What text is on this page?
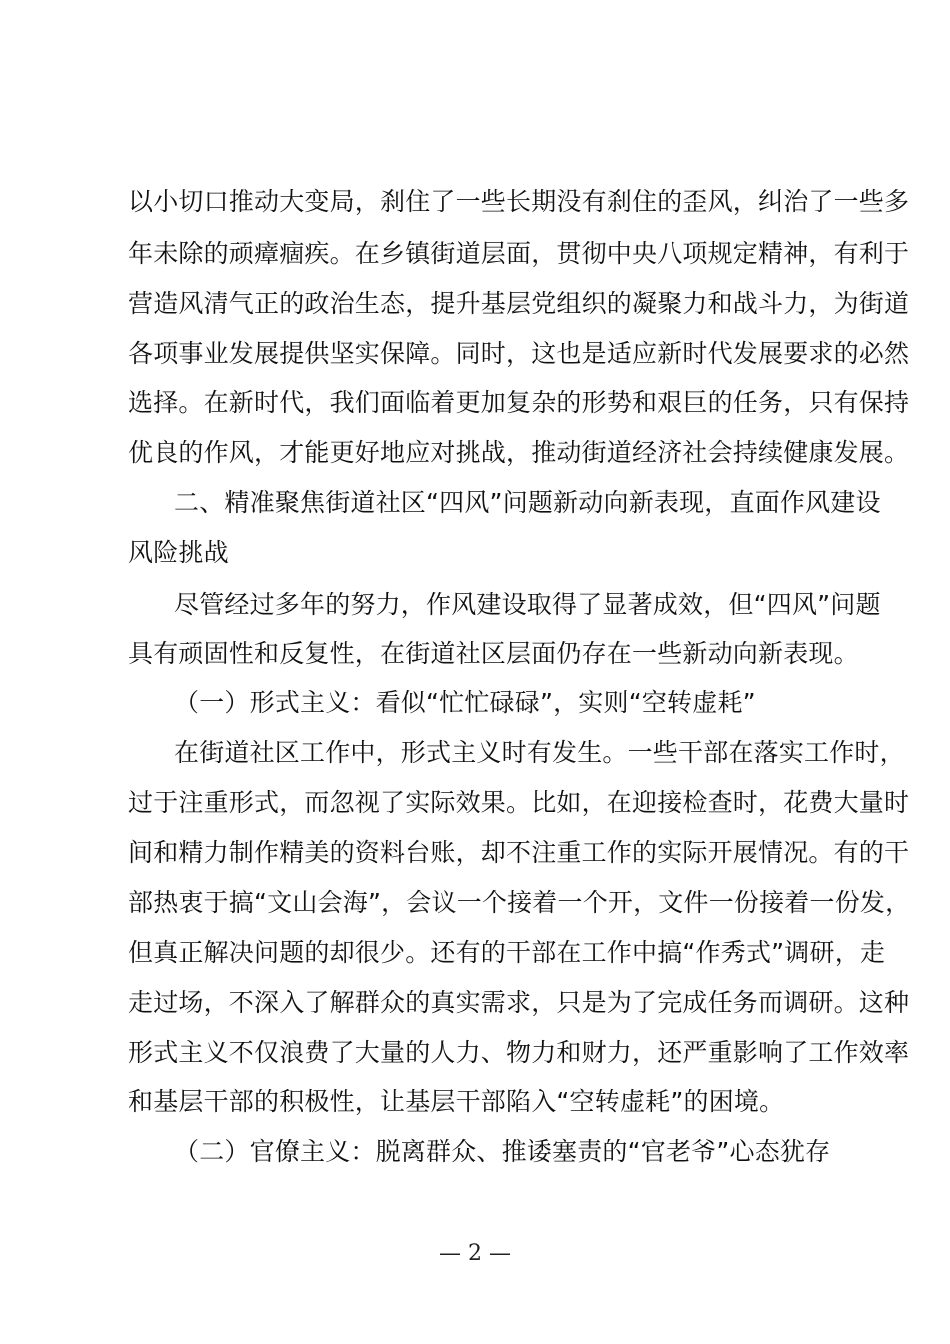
以小切口推动大变局，刹住了一些长期没有刹住的歪风，纠治了一些多
年未除的顽瘴痼疾。在乡镇街道层面，贯彻中央八项规定精神，有利于
营造风清气正的政治生态，提升基层党组织的凝聚力和战斗力，为街道
各项事业发展提供坚实保障。同时，这也是适应新时代发展要求的必然
选择。在新时代，我们面临着更加复杂的形势和艰巨的任务，只有保持
优良的作风，才能更好地应对挑战，推动街道经济社会持续健康发展。
二、精准聚焦街道社区“四风”问题新动向新表现，直面作风建设
风险挑战
尽管经过多年的努力，作风建设取得了显著成效，但“四风”问题
具有顽固性和反复性，在街道社区层面仍存在一些新动向新表现。
（一）形式主义：看似“忙忙碌碌”，实则“空转虚耗”
在街道社区工作中，形式主义时有发生。一些干部在落实工作时，
过于注重形式，而忽视了实际效果。比如，在迎接检查时，花费大量时
间和精力制作精美的资料台账，却不注重工作的实际开展情况。有的干
部热衷于搞“文山会海”，会议一个接着一个开，文件一份接着一份发，
但真正解决问题的却很少。还有的干部在工作中搞“作秀式”调研，走
走过场，不深入了解群众的真实需求，只是为了完成任务而调研。这种
形式主义不仅浪费了大量的人力、物力和财力，还严重影响了工作效率
和基层干部的积极性，让基层干部陷入“空转虚耗”的困境。
（二）官僚主义：脱离群众、推诿塞责的“官老爷”心态犹存
— 2 —
